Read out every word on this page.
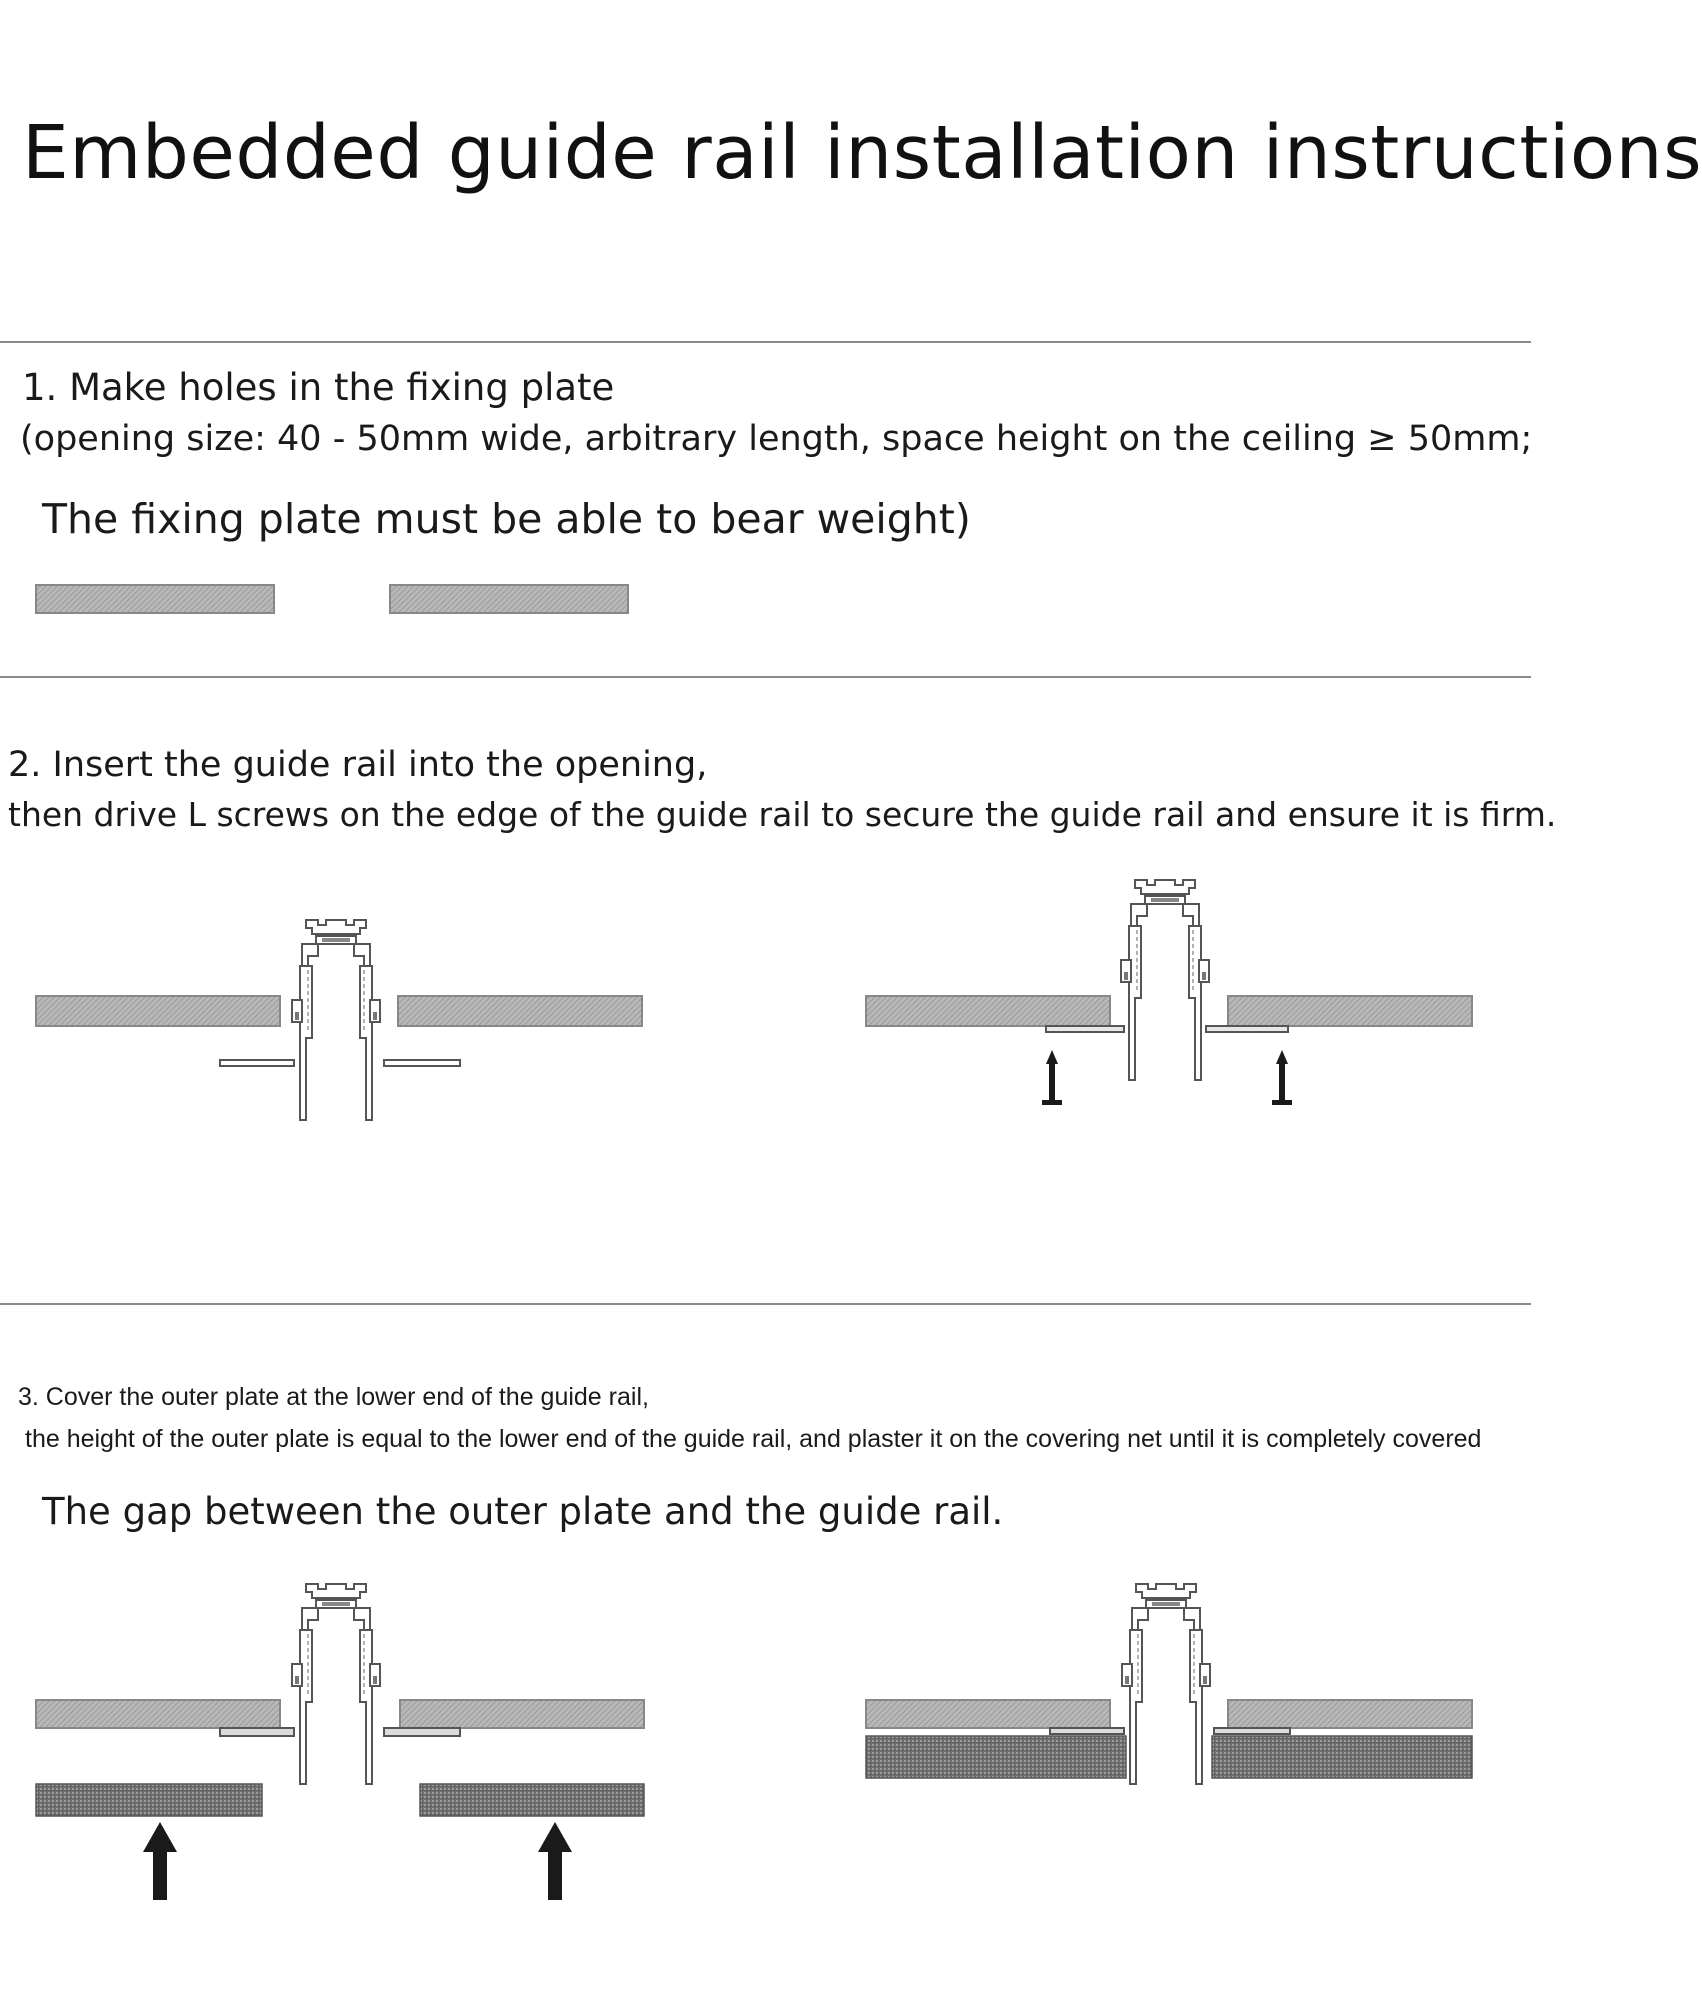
Embedded guide rail installation instructions
1. Make holes in the fixing plate
(opening size: 40 - 50mm wide, arbitrary length, space height on the ceiling ≥ 50mm;
The fixing plate must be able to bear weight)
2. Insert the guide rail into the opening,
then drive L screws on the edge of the guide rail to secure the guide rail and ensure it is firm.
3. Cover the outer plate at the lower end of the guide rail,
the height of the outer plate is equal to the lower end of the guide rail, and plaster it on the covering net until it is completely covered
The gap between the outer plate and the guide rail.
